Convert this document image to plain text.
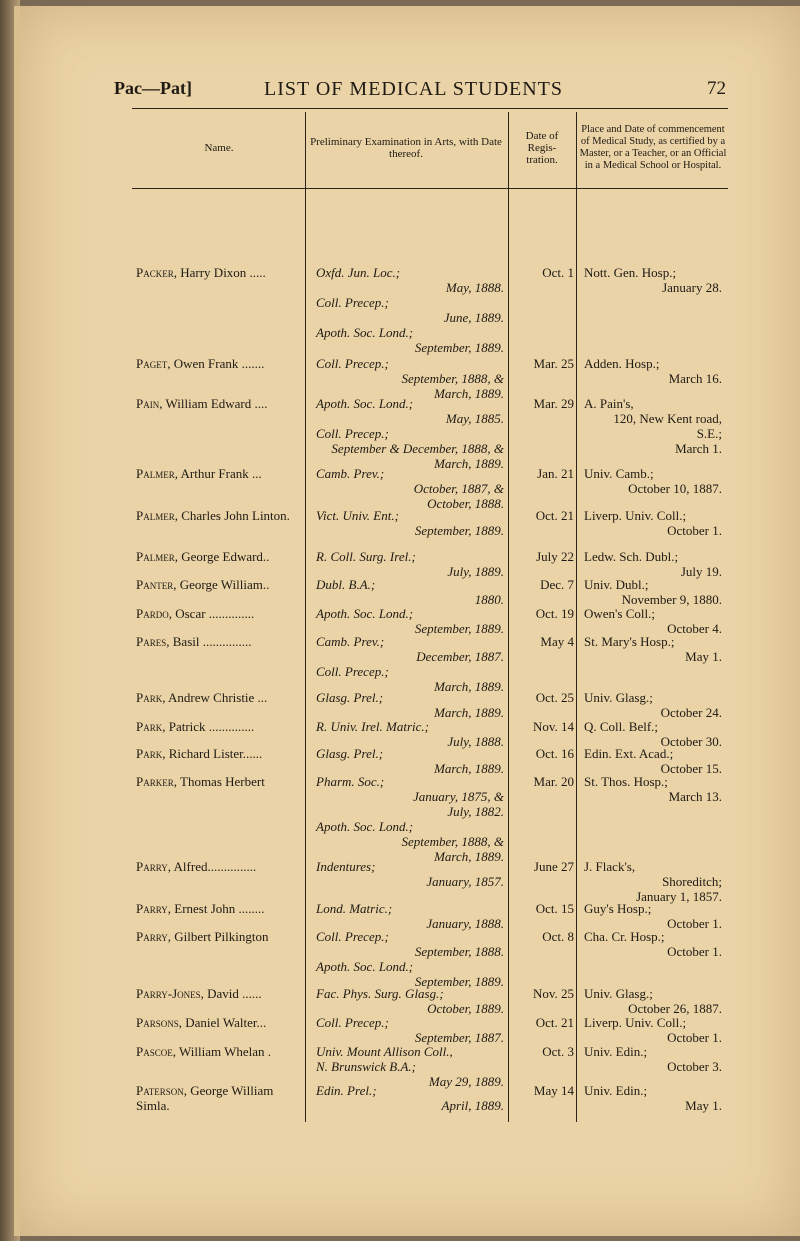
Pac—Pat]	LIST OF MEDICAL STUDENTS	72
Name.	Preliminary Examination in Arts, with Date thereof.
Date of Regis- tration.
Place and Date of commencement of Medical Study, as certified by a Master, or a Teacher, or an Official in a Medical School or Hospital.
Packer, Harry Dixon .....	Oxfd. Jun. Loc.;
May, 1888.
Coll. Precep.;
June, 1889.
Apoth. Soc. Lond.;
September, 1889.
Oct. 1 Nott. Gen. Hosp.;
January 28.
Paget, Owen Frank .......	Coll. Precep.;
September, 1888, &
March, 1889.
Mar. 25 Adden. Hosp.;
March 16.
Pain, William Edward ....	Apoth. Soc. Lond.;
May, 1885.
Coll. Precep.;
September & December, 1888, &
March, 1889.
Mar. 29 A. Pain's,
120, New Kent road,
S.E.;
March 1.
Palmer, Arthur Frank ...	Camb. Prev.;
October, 1887, &
October, 1888.
Jan. 21 Univ. Camb.;
October 10, 1887.
Palmer, Charles John Linton.	Vict. Univ. Ent.;
September, 1889.
Oct. 21 Liverp. Univ. Coll.;
October 1.
Palmer, George Edward..	R. Coll. Surg. Irel.;
July, 1889.
July 22 Ledw. Sch. Dubl.;
July 19.
Panter, George William..	Dubl. B.A.;
1880.
Dec. 7 Univ. Dubl.;
November 9, 1880.
Pardo, Oscar ..............	Apoth. Soc. Lond.;
September, 1889.
Oct. 19 Owen's Coll.;
October 4.
Pares, Basil ...............	Camb. Prev.;
December, 1887.
Coll. Precep.;
March, 1889.
May 4 St. Mary's Hosp.;
May 1.
Park, Andrew Christie ...	Glasg. Prel.;
March, 1889.
Oct. 25 Univ. Glasg.;
October 24.
Park, Patrick ..............	R. Univ. Irel. Matric.;
July, 1888.
Nov. 14 Q. Coll. Belf.;
October 30.
Park, Richard Lister......	Glasg. Prel.;
March, 1889.
Oct. 16 Edin. Ext. Acad.;
October 15.
Parker, Thomas Herbert	Pharm. Soc.;
January, 1875, &
July, 1882.
Apoth. Soc. Lond.;
September, 1888, &
March, 1889.
Mar. 20 St. Thos. Hosp.;
March 13.
Parry, Alfred...............	Indentures;
January, 1857.
June 27 J. Flack's,
Shoreditch;
January 1, 1857.
Parry, Ernest John ........	Lond. Matric.;
January, 1888.
Oct. 15 Guy's Hosp.;
October 1.
Parry, Gilbert Pilkington	Coll. Precep.;
September, 1888.
Apoth. Soc. Lond.;
September, 1889.
Oct. 8 Cha. Cr. Hosp.;
October 1.
Parry-Jones, David ......	Fac. Phys. Surg. Glasg.;
October, 1889.
Nov. 25 Univ. Glasg.;
October 26, 1887.
Parsons, Daniel Walter...	Coll. Precep.;
September, 1887.
Oct. 21 Liverp. Univ. Coll.;
October 1.
Pascoe, William Whelan .	Univ. Mount Allison Coll.,
N. Brunswick B.A.;
May 29, 1889.
Oct. 3 Univ. Edin.;
October 3.
Paterson, George William Simla.
Edin. Prel.;
April, 1889.
May 14 Univ. Edin.;
May 1.
